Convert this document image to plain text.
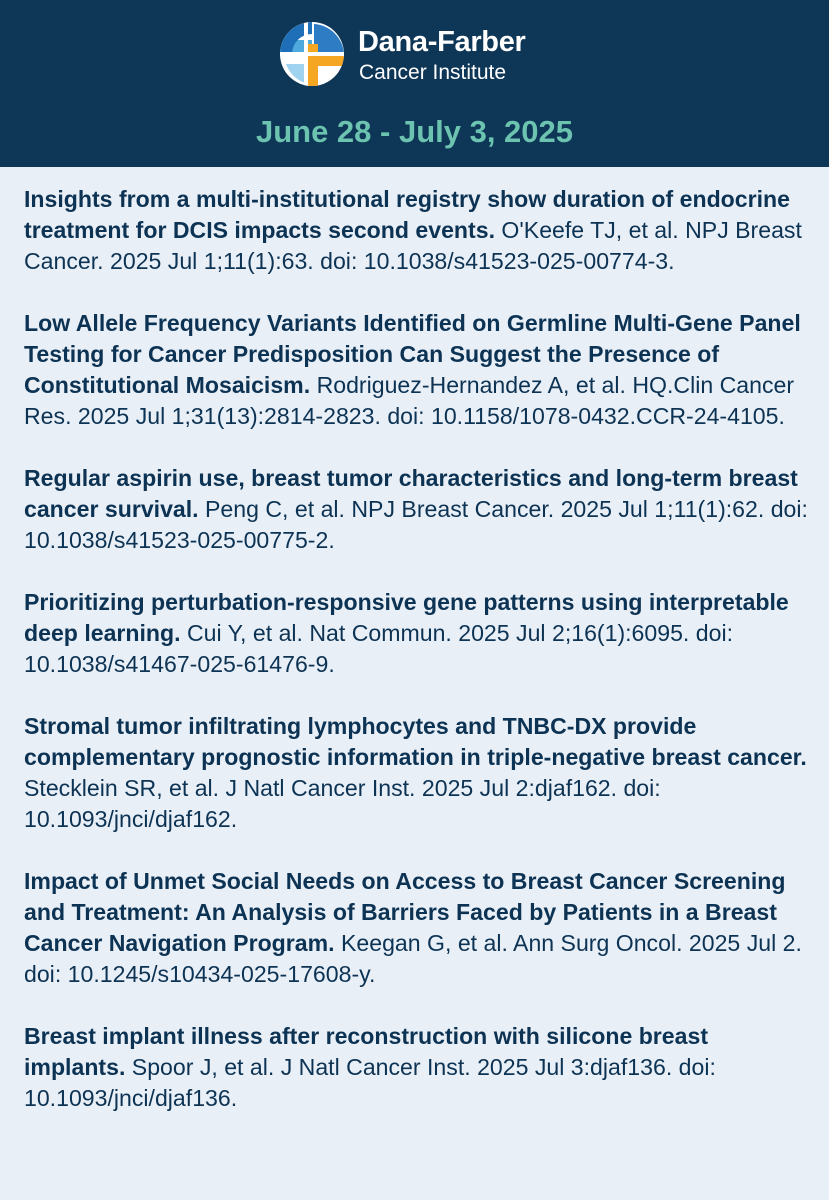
Dana-Farber
Cancer Institute
June 28 - July 3, 2025

Insights from a multi-institutional registry show duration of endocrine treatment for DCIS impacts second events. O'Keefe TJ, et al. NPJ Breast Cancer. 2025 Jul 1;11(1):63. doi: 10.1038/s41523-025-00774-3.

Low Allele Frequency Variants Identified on Germline Multi-Gene Panel Testing for Cancer Predisposition Can Suggest the Presence of Constitutional Mosaicism. Rodriguez-Hernandez A, et al. HQ.Clin Cancer Res. 2025 Jul 1;31(13):2814-2823. doi: 10.1158/1078-0432.CCR-24-4105.

Regular aspirin use, breast tumor characteristics and long-term breast cancer survival. Peng C, et al. NPJ Breast Cancer. 2025 Jul 1;11(1):62. doi: 10.1038/s41523-025-00775-2.

Prioritizing perturbation-responsive gene patterns using interpretable deep learning. Cui Y, et al. Nat Commun. 2025 Jul 2;16(1):6095. doi: 10.1038/s41467-025-61476-9.

Stromal tumor infiltrating lymphocytes and TNBC-DX provide complementary prognostic information in triple-negative breast cancer. Stecklein SR, et al. J Natl Cancer Inst. 2025 Jul 2:djaf162. doi: 10.1093/jnci/djaf162.

Impact of Unmet Social Needs on Access to Breast Cancer Screening and Treatment: An Analysis of Barriers Faced by Patients in a Breast Cancer Navigation Program. Keegan G, et al. Ann Surg Oncol. 2025 Jul 2. doi: 10.1245/s10434-025-17608-y.

Breast implant illness after reconstruction with silicone breast implants. Spoor J, et al. J Natl Cancer Inst. 2025 Jul 3:djaf136. doi: 10.1093/jnci/djaf136.
